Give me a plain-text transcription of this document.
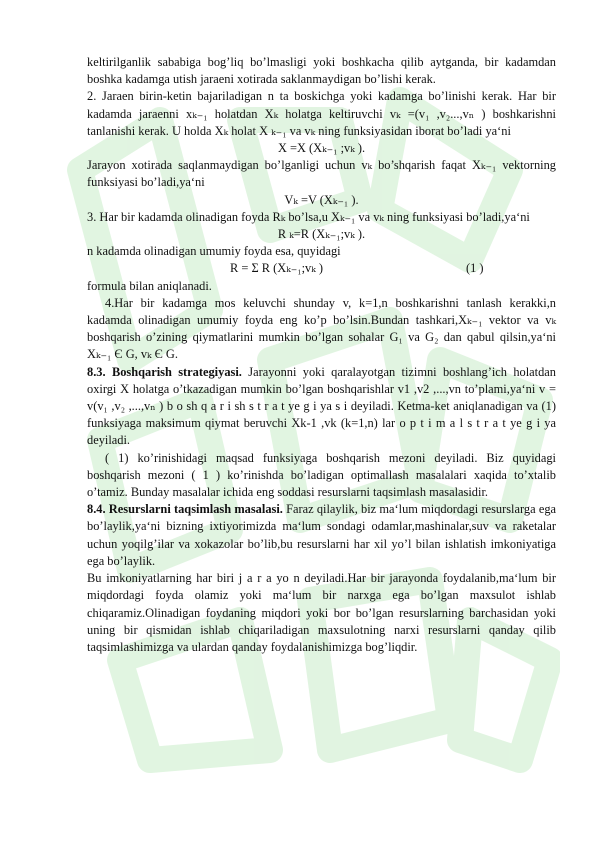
keltirilganlik sababiga bog’liq bo’lmasligi yoki boshkacha qilib aytganda, bir kadamdan boshka kadamga utish jaraeni xotirada saklanmaydigan bo’lishi kerak.

2. Jaraen birin-ketin bajariladigan n ta boskichga yoki kadamga bo’linishi kerak. Har bir kadamda jaraenni xₖ₋₁ holatdan Xₖ holatga keltiruvchi vₖ =(v₁ ,v₂...,vₙ ) boshkarishni tanlanishi kerak. U holda Xₖ holat X ₖ₋₁ va vₖ ning funksiyasidan iborat bo’ladi ya‘ni

X =X (Xₖ₋₁ ;vₖ ).

Jarayon xotirada saqlanmaydigan bo’lganligi uchun vₖ bo’shqarish faqat Xₖ₋₁ vektorning funksiyasi bo’ladi,ya‘ni

Vₖ =V (Xₖ₋₁ ).

3. Har bir kadamda olinadigan foyda Rₖ bo’lsa,u Xₖ₋₁ va vₖ ning funksiyasi bo’ladi,ya‘ni

R ₖ=R (Xₖ₋₁;vₖ ).

n kadamda olinadigan umumiy foyda esa, quyidagi

R = Σ R (Xₖ₋₁;vₖ )	(1 )

formula bilan aniqlanadi.

4.Har bir kadamga mos keluvchi shunday v, k=1,n boshkarishni tanlash kerakki,n kadamda olinadigan umumiy foyda eng ko’p bo’lsin.Bundan tashkari,Xₖ₋₁ vektor va vₖ boshqarish o’zining qiymatlarini mumkin bo’lgan sohalar G₁ va G₂ dan qabul qilsin,ya‘ni Xₖ₋₁ Є G, vₖ Є G.

8.3. Boshqarish strategiyasi. Jarayonni yoki qaralayotgan tizimni boshlang’ich holatdan oxirgi X holatga o’tkazadigan mumkin bo’lgan boshqarishlar v1 ,v2 ,...,vn to’plami,ya‘ni v = v(v₁ ,v₂ ,...,vₙ ) b o sh q a r i sh s t r a t ye g i ya s i deyiladi. Ketma-ket aniqlanadigan va (1) funksiyaga maksimum qiymat beruvchi Xk-1 ,vk (k=1,n) lar o p t i m a l s t r a t ye g i ya deyiladi.

( 1) ko’rinishidagi maqsad funksiyaga boshqarish mezoni deyiladi. Biz quyidagi boshqarish mezoni ( 1 ) ko’rinishda bo’ladigan optimallash masalalari xaqida to’xtalib o’tamiz. Bunday masalalar ichida eng soddasi resurslarni taqsimlash masalasidir.

8.4. Resurslarni taqsimlash masalasi. Faraz qilaylik, biz ma‘lum miqdordagi resurslarga ega bo’laylik,ya‘ni bizning ixtiyorimizda ma‘lum sondagi odamlar,mashinalar,suv va raketalar uchun yoqilg’ilar va xokazolar bo’lib,bu resurslarni har xil yo’l bilan ishlatish imkoniyatiga ega bo’laylik.

Bu imkoniyatlarning har biri j a r a yo n deyiladi.Har bir jarayonda foydalanib,ma‘lum bir miqdordagi foyda olamiz yoki ma‘lum bir narxga ega bo’lgan maxsulot ishlab chiqaramiz.Olinadigan foydaning miqdori yoki bor bo’lgan resurslarning barchasidan yoki uning bir qismidan ishlab chiqariladigan maxsulotning narxi resurslarni qanday qilib taqsimlashimizga va ulardan qanday foydalanishimizga bog’liqdir.
